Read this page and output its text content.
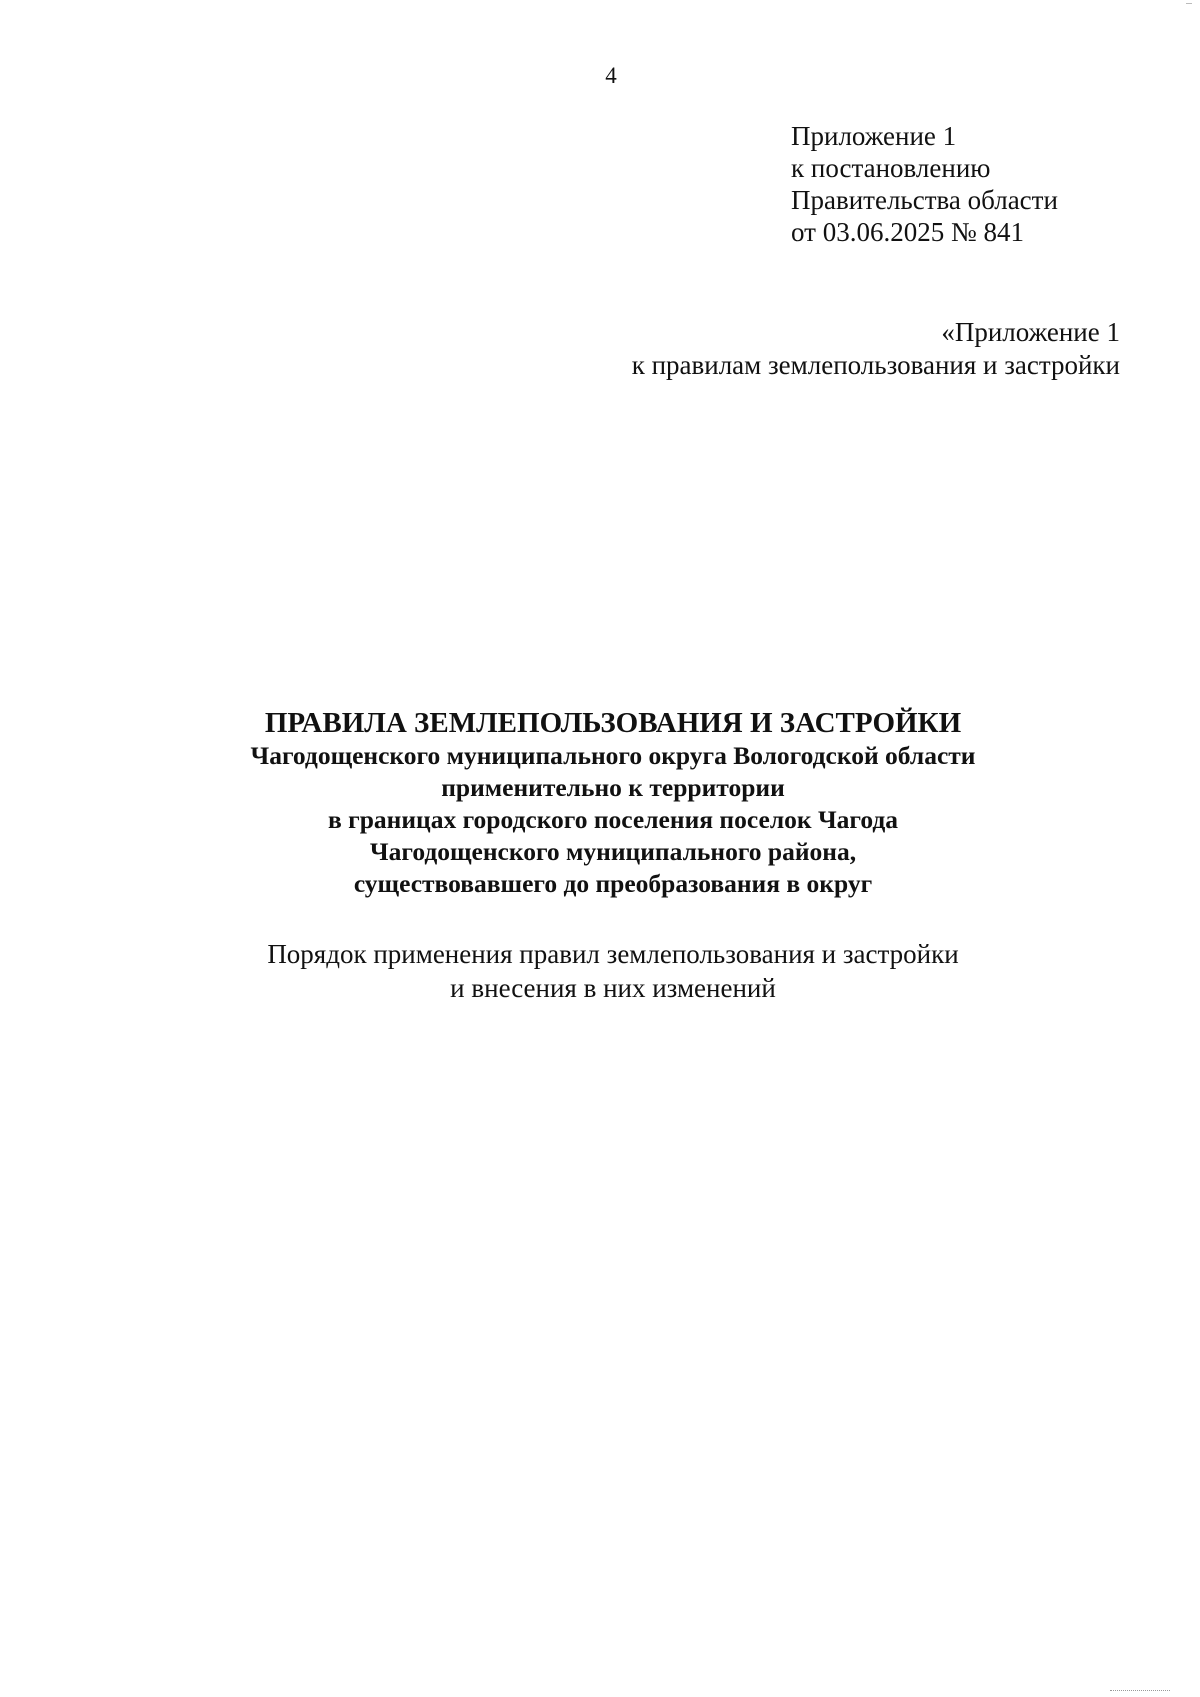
4
Приложение 1
к постановлению
Правительства области
от 03.06.2025 № 841
«Приложение 1
к правилам землепользования и застройки
ПРАВИЛА ЗЕМЛЕПОЛЬЗОВАНИЯ И ЗАСТРОЙКИ
Чагодощенского муниципального округа Вологодской области
применительно к территории
в границах городского поселения поселок Чагода
Чагодощенского муниципального района,
существовавшего до преобразования в округ
Порядок применения правил землепользования и застройки
и внесения в них изменений
